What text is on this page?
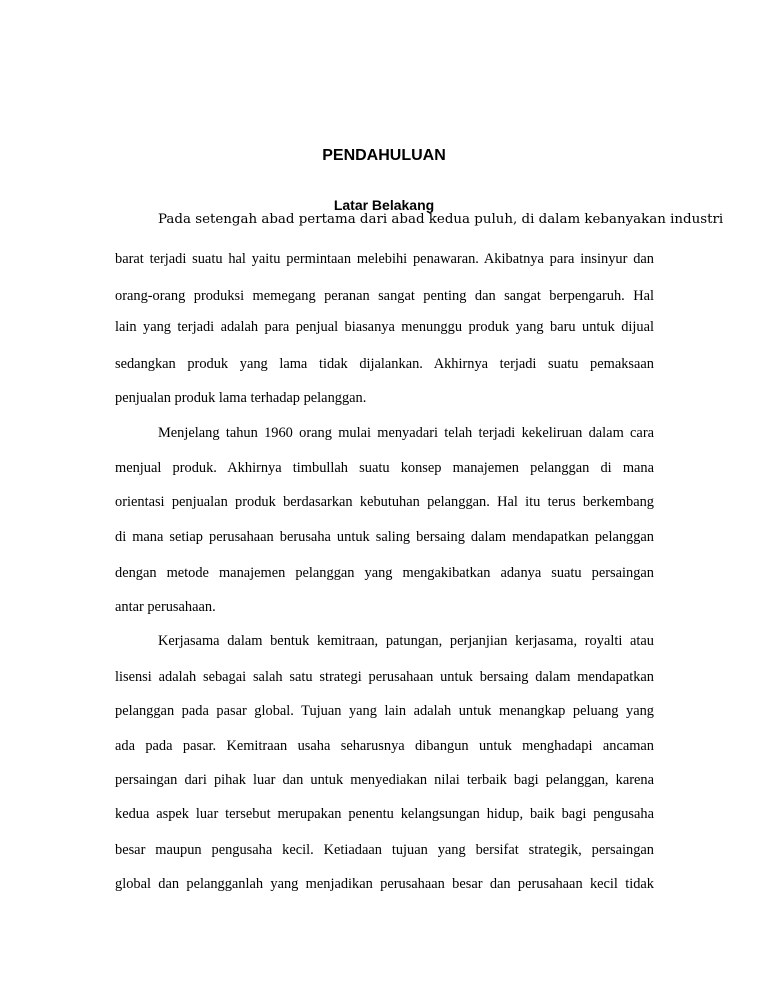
PENDAHULUAN
Latar Belakang
Pada setengah abad pertama dari abad kedua puluh, di dalam kebanyakan industri
barat terjadi suatu hal yaitu permintaan melebihi penawaran. Akibatnya para insinyur dan
orang-orang produksi memegang peranan sangat penting dan sangat berpengaruh. Hal
lain yang terjadi adalah para penjual biasanya menunggu produk yang baru untuk dijual
sedangkan produk yang lama tidak dijalankan. Akhirnya terjadi suatu pemaksaan
penjualan produk lama terhadap pelanggan.
Menjelang tahun 1960 orang mulai menyadari telah terjadi kekeliruan dalam cara
menjual produk. Akhirnya timbullah suatu konsep manajemen pelanggan di mana
orientasi penjualan produk berdasarkan kebutuhan pelanggan. Hal itu terus berkembang
di mana setiap perusahaan berusaha untuk saling bersaing dalam mendapatkan pelanggan
dengan metode manajemen pelanggan yang mengakibatkan adanya suatu persaingan
antar perusahaan.
Kerjasama dalam bentuk kemitraan, patungan, perjanjian kerjasama, royalti atau
lisensi adalah sebagai salah satu strategi perusahaan untuk bersaing dalam mendapatkan
pelanggan pada pasar global. Tujuan yang lain adalah untuk menangkap peluang yang
ada pada pasar. Kemitraan usaha seharusnya dibangun untuk menghadapi ancaman
persaingan dari pihak luar dan untuk menyediakan nilai terbaik bagi pelanggan, karena
kedua aspek luar tersebut merupakan penentu kelangsungan hidup, baik bagi pengusaha
besar maupun pengusaha kecil. Ketiadaan tujuan yang bersifat strategik, persaingan
global dan pelangganlah yang menjadikan perusahaan besar dan perusahaan kecil tidak
